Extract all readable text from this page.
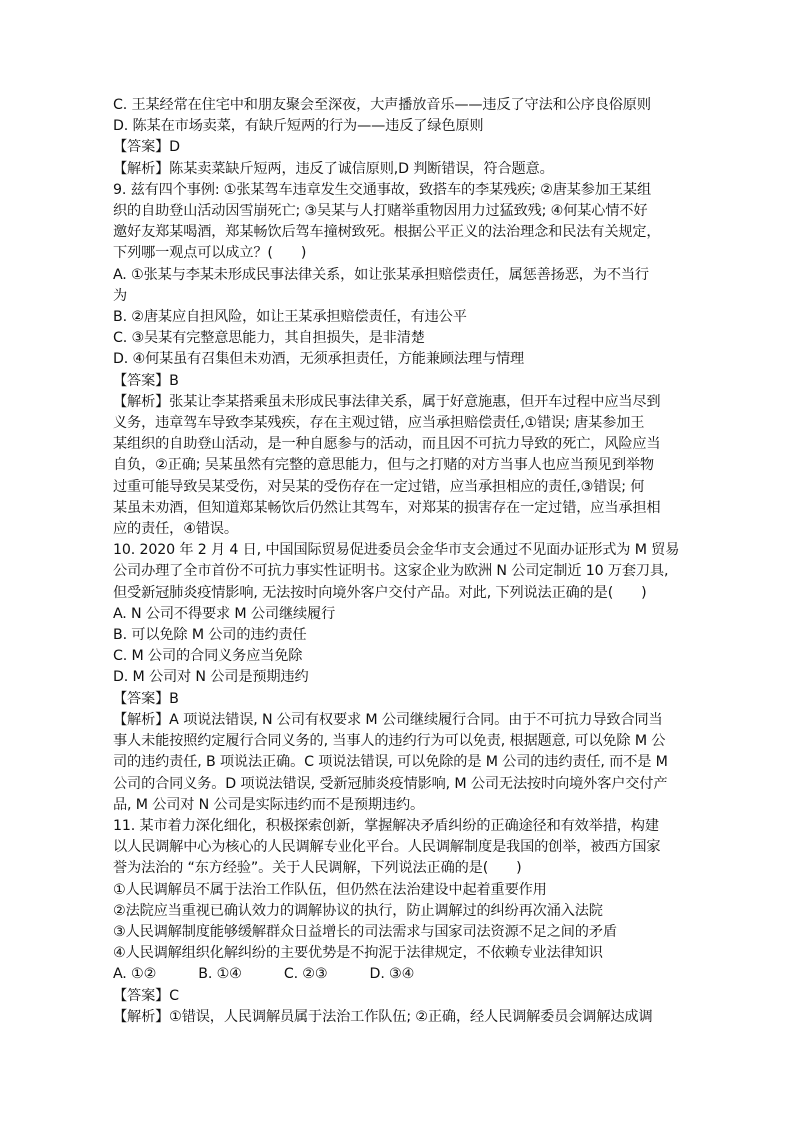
C. 王某经常在住宅中和朋友聚会至深夜，大声播放音乐——违反了守法和公序良俗原则
D. 陈某在市场卖菜，有缺斤短两的行为——违反了绿色原则
【答案】D
【解析】陈某卖菜缺斤短两，违反了诚信原则,D 判断错误，符合题意。
9. 兹有四个事例: ①张某驾车违章发生交通事故，致搭车的李某残疾; ②唐某参加王某组
织的自助登山活动因雪崩死亡; ③吴某与人打赌举重物因用力过猛致残; ④何某心情不好
邀好友郑某喝酒，郑某畅饮后驾车撞树致死。根据公平正义的法治理念和民法有关规定，
下列哪一观点可以成立？(　　)
A. ①张某与李某未形成民事法律关系，如让张某承担赔偿责任，属惩善扬恶，为不当行
为
B. ②唐某应自担风险，如让王某承担赔偿责任，有违公平
C. ③吴某有完整意思能力，其自担损失，是非清楚
D. ④何某虽有召集但未劝酒，无须承担责任，方能兼顾法理与情理
【答案】B
【解析】张某让李某搭乘虽未形成民事法律关系，属于好意施惠，但开车过程中应当尽到
义务，违章驾车导致李某残疾，存在主观过错，应当承担赔偿责任,①错误; 唐某参加王
某组织的自助登山活动，是一种自愿参与的活动，而且因不可抗力导致的死亡，风险应当
自负，②正确; 吴某虽然有完整的意思能力，但与之打赌的对方当事人也应当预见到举物
过重可能导致吴某受伤，对吴某的受伤存在一定过错，应当承担相应的责任,③错误; 何
某虽未劝酒，但知道郑某畅饮后仍然让其驾车，对郑某的损害存在一定过错，应当承担相
应的责任，④错误。
10. 2020 年 2 月 4 日, 中国国际贸易促进委员会金华市支会通过不见面办证形式为 M 贸易
公司办理了全市首份不可抗力事实性证明书。这家企业为欧洲 N 公司定制近 10 万套刀具,
但受新冠肺炎疫情影响, 无法按时向境外客户交付产品。对此, 下列说法正确的是(　　)
A. N 公司不得要求 M 公司继续履行
B. 可以免除 M 公司的违约责任
C. M 公司的合同义务应当免除
D. M 公司对 N 公司是预期违约
【答案】B
【解析】A 项说法错误, N 公司有权要求 M 公司继续履行合同。由于不可抗力导致合同当
事人未能按照约定履行合同义务的, 当事人的违约行为可以免责, 根据题意, 可以免除 M 公
司的违约责任, B 项说法正确。C 项说法错误, 可以免除的是 M 公司的违约责任, 而不是 M
公司的合同义务。D 项说法错误, 受新冠肺炎疫情影响, M 公司无法按时向境外客户交付产
品, M 公司对 N 公司是实际违约而不是预期违约。
11. 某市着力深化细化，积极探索创新，掌握解决矛盾纠纷的正确途径和有效举措，构建
以人民调解中心为核心的人民调解专业化平台。人民调解制度是我国的创举，被西方国家
誉为法治的 “东方经验”。关于人民调解，下列说法正确的是(　　)
①人民调解员不属于法治工作队伍，但仍然在法治建设中起着重要作用
②法院应当重视已确认效力的调解协议的执行，防止调解过的纠纷再次涌入法院
③人民调解制度能够缓解群众日益增长的司法需求与国家司法资源不足之间的矛盾
④人民调解组织化解纠纷的主要优势是不拘泥于法律规定，不依赖专业法律知识
A. ①②　　　B. ①④　　　C. ②③　　　D. ③④
【答案】C
【解析】①错误，人民调解员属于法治工作队伍; ②正确，经人民调解委员会调解达成调
